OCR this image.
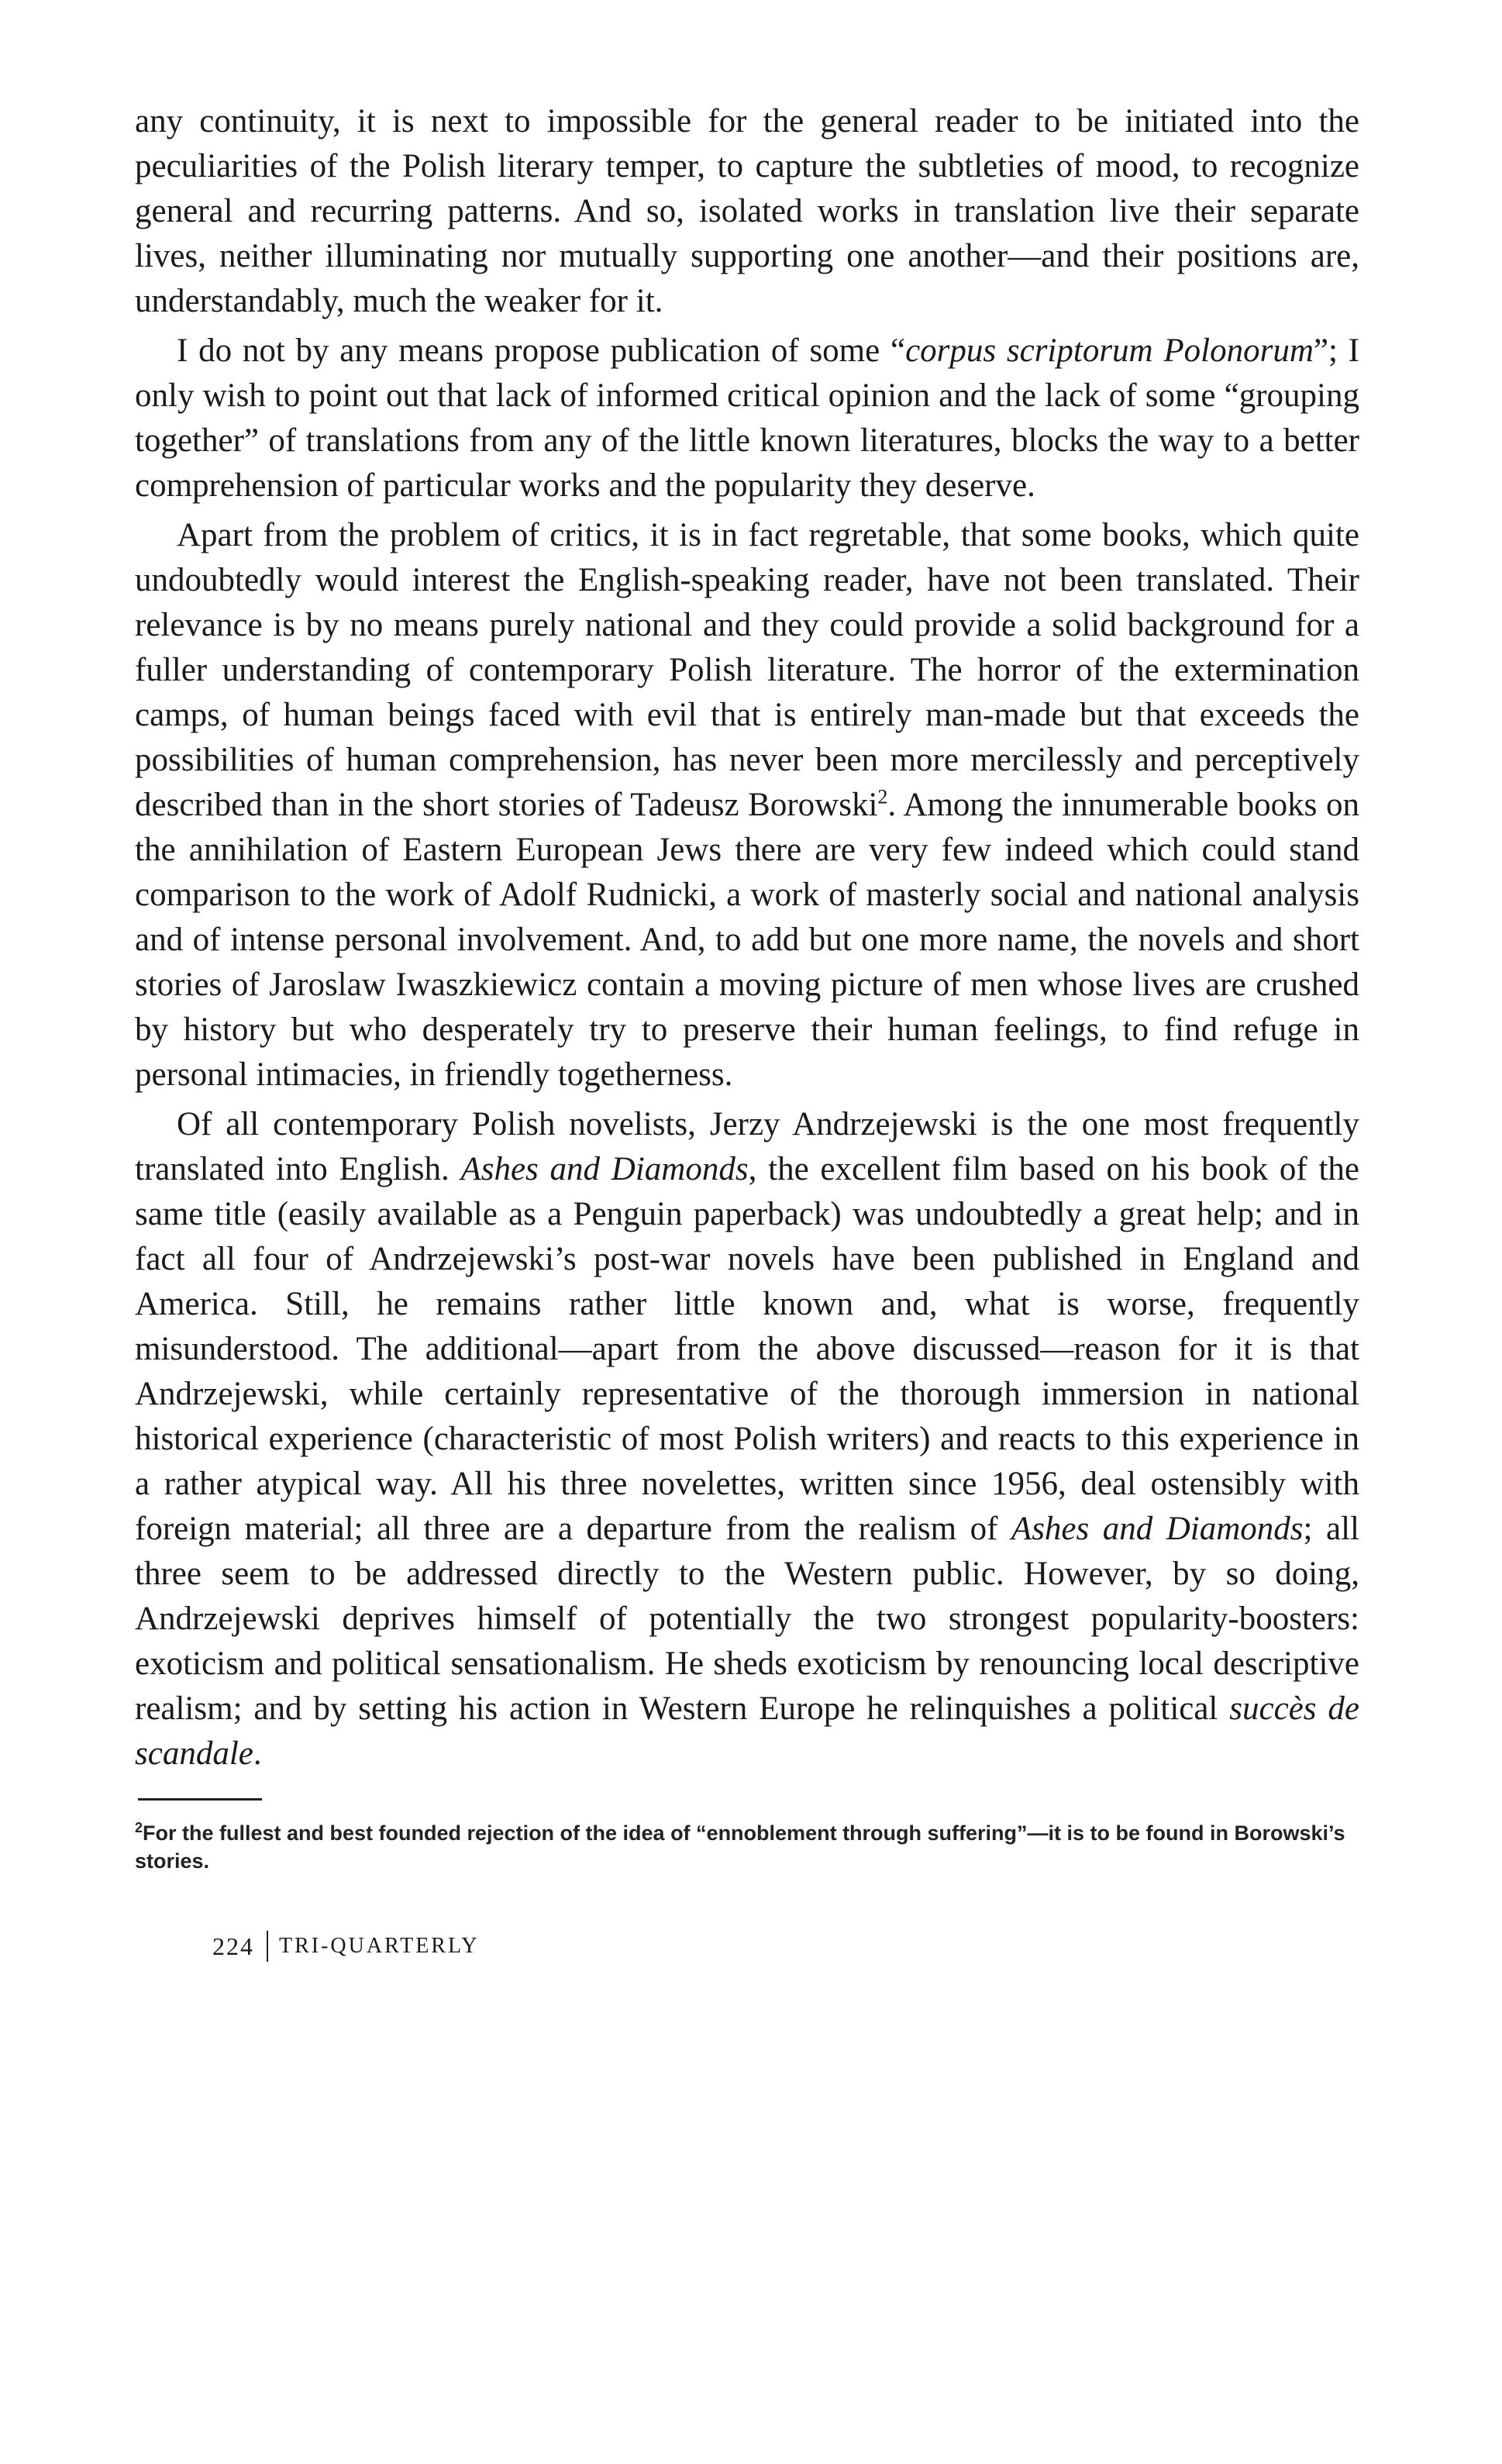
any continuity, it is next to impossible for the general reader to be initiated into the peculiarities of the Polish literary temper, to capture the subtleties of mood, to recognize general and recurring patterns. And so, isolated works in translation live their separate lives, neither illuminating nor mutually supporting one another—and their positions are, understandably, much the weaker for it.

I do not by any means propose publication of some “corpus scriptorum Polonorum”; I only wish to point out that lack of informed critical opinion and the lack of some “grouping together” of translations from any of the little known literatures, blocks the way to a better comprehension of particular works and the popularity they deserve.

Apart from the problem of critics, it is in fact regretable, that some books, which quite undoubtedly would interest the English-speaking reader, have not been translated. Their relevance is by no means purely national and they could provide a solid background for a fuller understanding of contemporary Polish literature. The horror of the extermination camps, of human beings faced with evil that is entirely man-made but that exceeds the possibilities of human comprehension, has never been more mercilessly and perceptively described than in the short stories of Tadeusz Borowski$^2$. Among the innumerable books on the annihilation of Eastern European Jews there are very few indeed which could stand comparison to the work of Adolf Rudnicki, a work of masterly social and national analysis and of intense personal involvement. And, to add but one more name, the novels and short stories of Jaroslaw Iwaszkiewicz contain a moving picture of men whose lives are crushed by history but who desperately try to preserve their human feelings, to find refuge in personal intimacies, in friendly togetherness.

Of all contemporary Polish novelists, Jerzy Andrzejewski is the one most frequently translated into English. Ashes and Diamonds, the excellent film based on his book of the same title (easily available as a Penguin paperback) was undoubtedly a great help; and in fact all four of Andrzejewski’s post-war novels have been published in England and America. Still, he remains rather little known and, what is worse, frequently misunderstood. The additional—apart from the above discussed—reason for it is that Andrzejewski, while certainly representative of the thorough immersion in national historical experience (characteristic of most Polish writers) and reacts to this experience in a rather atypical way. All his three novelettes, written since 1956, deal ostensibly with foreign material; all three are a departure from the realism of Ashes and Diamonds; all three seem to be addressed directly to the Western public. However, by so doing, Andrzejewski deprives himself of potentially the two strongest popularity-boosters: exoticism and political sensationalism. He sheds exoticism by renouncing local descriptive realism; and by setting his action in Western Europe he relinquishes a political succès de scandale.

$^2$For the fullest and best founded rejection of the idea of “ennoblement through suffering”—it is to be found in Borowski’s stories.
224 TRI-QUARTERLY
